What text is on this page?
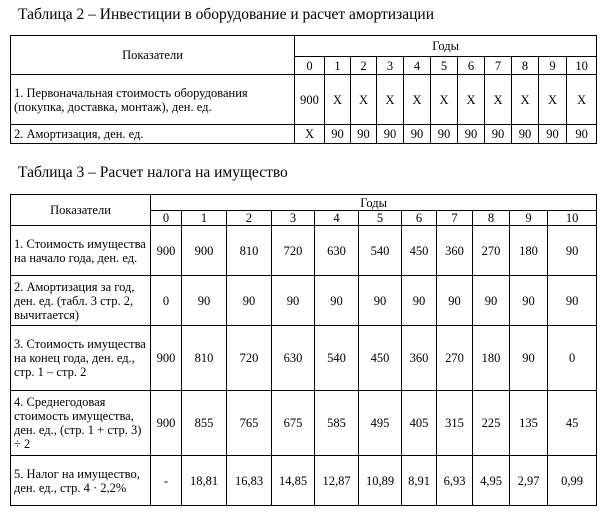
Таблица 2 – Инвестиции в оборудование и расчет амортизации
Показатели	Годы										
	0	1	2	3	4	5	6	7	8	9	10
1. Первоначальная стоимость оборудования (покупка, доставка, монтаж), ден. ед.	900	Х	Х	Х	Х	Х	Х	Х	Х	Х	Х
2. Амортизация, ден. ед.	Х	90	90	90	90	90	90	90	90	90	90
Таблица 3 – Расчет налога на имущество
Показатели	Годы										
	0	1	2	3	4	5	6	7	8	9	10
1. Стоимость имущества на начало года, ден. ед.	900	900	810	720	630	540	450	360	270	180	90
2. Амортизация за год, ден. ед. (табл. 3 стр. 2, вычитается)	0	90	90	90	90	90	90	90	90	90	90
3. Стоимость имущества на конец года, ден. ед., стр. 1 – стр. 2	900	810	720	630	540	450	360	270	180	90	0
4. Среднегодовая стоимость имущества, ден. ед., (стр. 1 + стр. 3) ÷ 2	900	855	765	675	585	495	405	315	225	135	45
5. Налог на имущество, ден. ед., стр. 4 · 2,2%	-	18,81	16,83	14,85	12,87	10,89	8,91	6,93	4,95	2,97	0,99
